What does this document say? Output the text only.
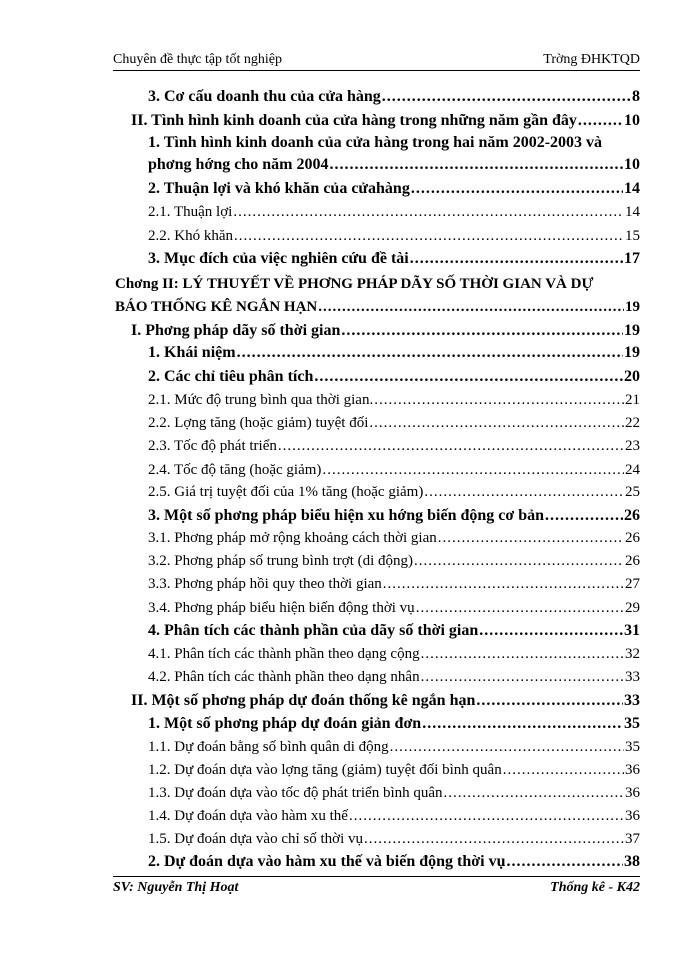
Chuyên đề thực tập tốt nghiệp	Trờng ĐHKTQD
3. Cơ cấu doanh thu của cửa hàng .....	8
II. Tình hình kinh doanh của cửa hàng trong những năm gần đây .....	10
1. Tình hình kinh doanh của cửa hàng trong hai năm 2002-2003 và
phơng hớng cho năm 2004 .....	10
2. Thuận lợi và khó khăn của cửahàng .....	14
2.1. Thuận lợi .....	14
2.2. Khó khăn .....	15
3. Mục đích của việc nghiên cứu đề tài .....	17
Chơng II: LÝ THUYẾT VỀ PHƠNG PHÁP DÃY SỐ THỜI GIAN VÀ DỰ
BÁO THỐNG KÊ NGẮN HẠN .....	19
I. Phơng pháp dãy số thời gian .....	19
1. Khái niệm .....	19
2. Các chỉ tiêu phân tích .....	20
2.1. Mức độ trung bình qua thời gian. .....	21
2.2. Lợng tăng (hoặc giảm) tuyệt đối .....	22
2.3. Tốc độ phát triển .....	23
2.4. Tốc độ tăng (hoặc giảm) .....	24
2.5. Giá trị tuyệt đối của 1% tăng (hoặc giảm) .....	25
3. Một số phơng pháp biểu hiện xu hớng biến động cơ bản .....	26
3.1. Phơng pháp mở rộng khoảng cách thời gian .....	26
3.2. Phơng pháp số trung bình trợt (di động) .....	26
3.3. Phơng pháp hồi quy theo thời gian .....	27
3.4. Phơng pháp biểu hiện biến động thời vụ .....	29
4. Phân tích các thành phần của dãy số thời gian .....	31
4.1. Phân tích các thành phần theo dạng cộng .....	32
4.2. Phân tích các thành phần theo dạng nhân .....	33
II. Một số phơng pháp dự đoán thống kê ngắn hạn .....	33
1. Một số phơng pháp dự đoán giản đơn .....	35
1.1. Dự đoán bằng số bình quân di động .....	35
1.2. Dự đoán dựa vào lợng tăng (giảm) tuyệt đối bình quân .....	36
1.3. Dự đoán dựa vào tốc độ phát triển bình quân .....	36
1.4. Dự đoán dựa vào hàm xu thế .....	36
1.5. Dự đoán dựa vào chỉ số thời vụ .....	37
2. Dự đoán dựa vào hàm xu thế và biến động thời vụ .....	38
SV: Nguyễn Thị Hoạt	Thống kê - K42
